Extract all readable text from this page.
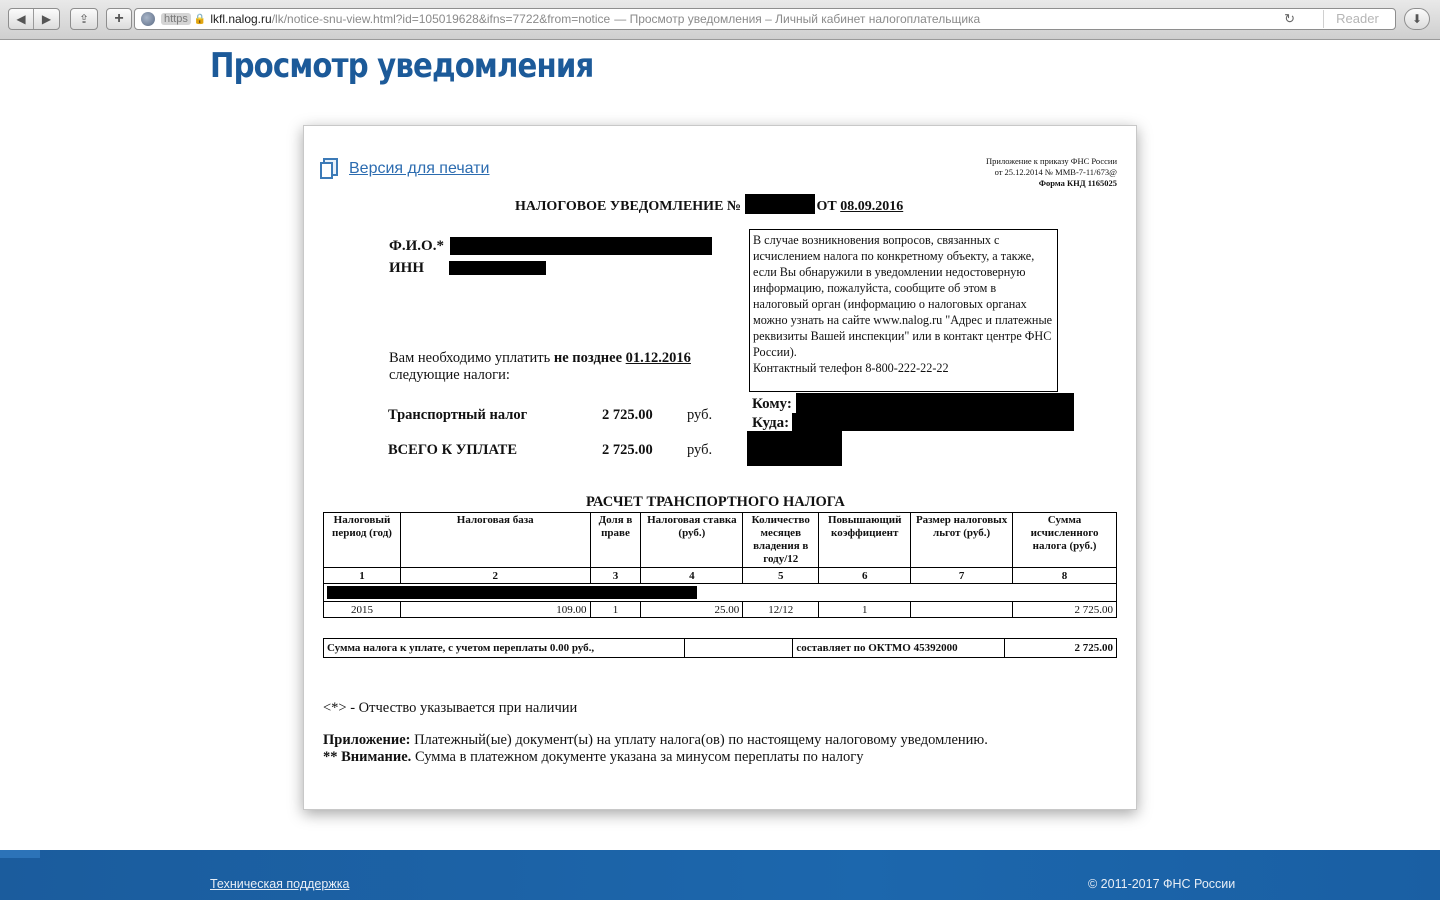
◀	▶	⇪ +	https 🔒 lkfl.nalog.ru /lk/notice-snu-view.html?id=105019628&ifns=7722&from=notice — Просмотр уведомления – Личный кабинет налогоплательщика	↻	Reader	⬇
Просмотр уведомления
Версия для печати	Приложение к приказу ФНС России
от 25.12.2014 № ММВ-7-11/673@
Форма КНД 1165025
НАЛОГОВОЕ УВЕДОМЛЕНИЕ №	ОТ 08.09.2016
Ф.И.О.*
ИНН
Вам необходимо уплатить не позднее 01.12.2016
следующие налоги:
В случае возникновения вопросов, связанных с исчислением налога по конкретному объекту, а также, если Вы обнаружили в уведомлении недостоверную информацию, пожалуйста, сообщите об этом в налоговый орган (информацию о налоговых органах можно узнать на сайте www.nalog.ru "Адрес и платежные реквизиты Вашей инспекции" или в контакт центре ФНС России).
Контактный телефон 8-800-222-22-22
Транспортный налог	2 725.00 руб.
ВСЕГО К УПЛАТЕ	2 725.00 руб.
Кому:
Куда:
РАСЧЕТ ТРАНСПОРТНОГО НАЛОГА
Налоговый период (год)	Налоговая база	Доля в праве	Налоговая ставка (руб.)	Количество месяцев владения в году/12	Повышающий коэффициент	Размер налоговых льгот (руб.)	Сумма исчисленного налога (руб.)
1	2	3	4	5	6	7	8

2015	109.00	1	25.00	12/12	1		2 725.00
Сумма налога к уплате, с учетом переплаты 0.00 руб.,		составляет по ОКТМО 45392000	2 725.00
<*> - Отчество указывается при наличии
Приложение: Платежный(ые) документ(ы) на уплату налога(ов) по настоящему налоговому уведомлению.
** Внимание. Сумма в платежном документе указана за минусом переплаты по налогу
Техническая поддержка	© 2011-2017 ФНС России
